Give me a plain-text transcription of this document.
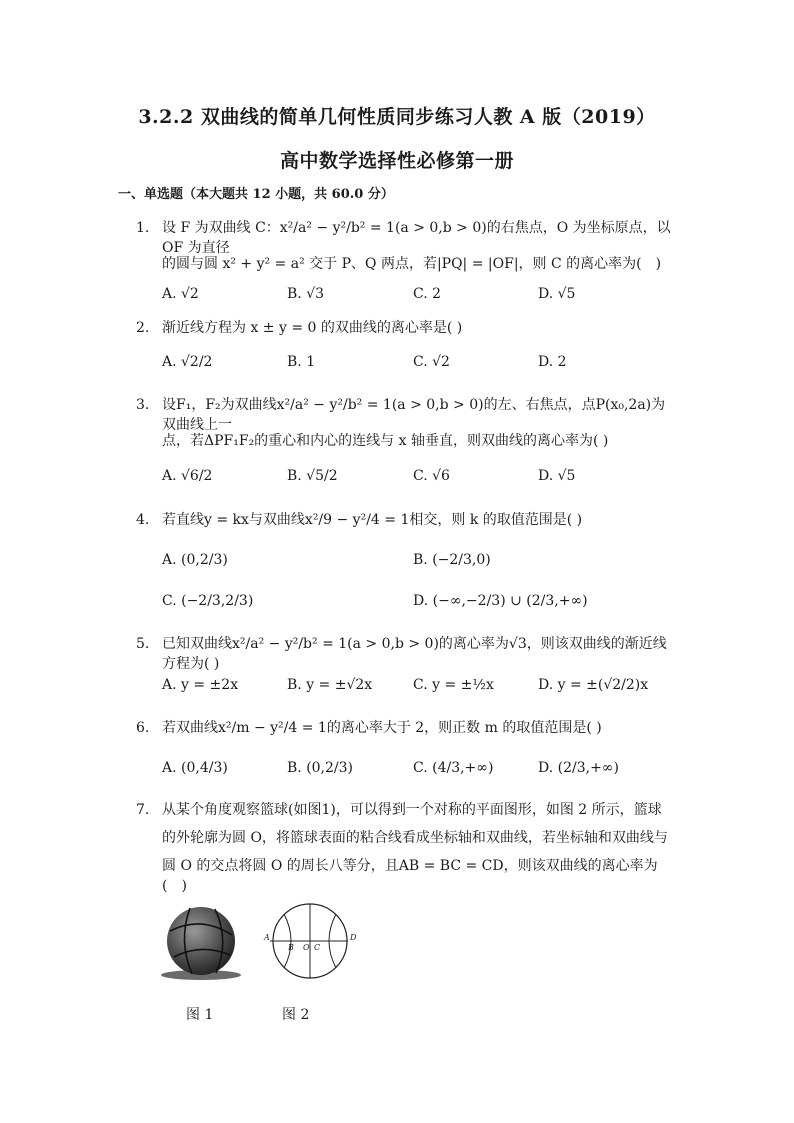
3.2.2 双曲线的简单几何性质同步练习人教 A 版（2019）
高中数学选择性必修第一册
一、单选题（本大题共 12 小题，共 60.0 分）
1. 设 F 为双曲线 C：x²/a² − y²/b² = 1(a > 0,b > 0)的右焦点，O 为坐标原点，以 OF 为直径
的圆与圆 x² + y² = a² 交于 P、Q 两点，若|PQ| = |OF|，则 C 的离心率为(　)
A. √2	B. √3	C. 2	D. √5
2. 渐近线方程为 x ± y = 0 的双曲线的离心率是( )
A. √2/2	B. 1	C. √2	D. 2
3. 设F₁，F₂为双曲线x²/a² − y²/b² = 1(a > 0,b > 0)的左、右焦点，点P(x₀,2a)为双曲线上一
点，若ΔPF₁F₂的重心和内心的连线与 x 轴垂直，则双曲线的离心率为( )
A. √6/2	B. √5/2	C. √6	D. √5
4. 若直线y = kx与双曲线x²/9 − y²/4 = 1相交，则 k 的取值范围是( )
A. (0,2/3)	B. (−2/3,0)
C. (−2/3,2/3)	D. (−∞,−2/3) ∪ (2/3,+∞)
5. 已知双曲线x²/a² − y²/b² = 1(a > 0,b > 0)的离心率为√3，则该双曲线的渐近线方程为( )
A. y = ±2x	B. y = ±√2x	C. y = ±½x	D. y = ±(√2/2)x
6. 若双曲线x²/m − y²/4 = 1的离心率大于 2，则正数 m 的取值范围是( )
A. (0,4/3)	B. (0,2/3)	C. (4/3,+∞)	D. (2/3,+∞)
7. 从某个角度观察篮球(如图1)，可以得到一个对称的平面图形，如图 2 所示，篮球
的外轮廓为圆 O，将篮球表面的粘合线看成坐标轴和双曲线，若坐标轴和双曲线与
圆 O 的交点将圆 O 的周长八等分，且AB = BC = CD，则该双曲线的离心率为(　)
A
B O C
D
图 1	图 2
